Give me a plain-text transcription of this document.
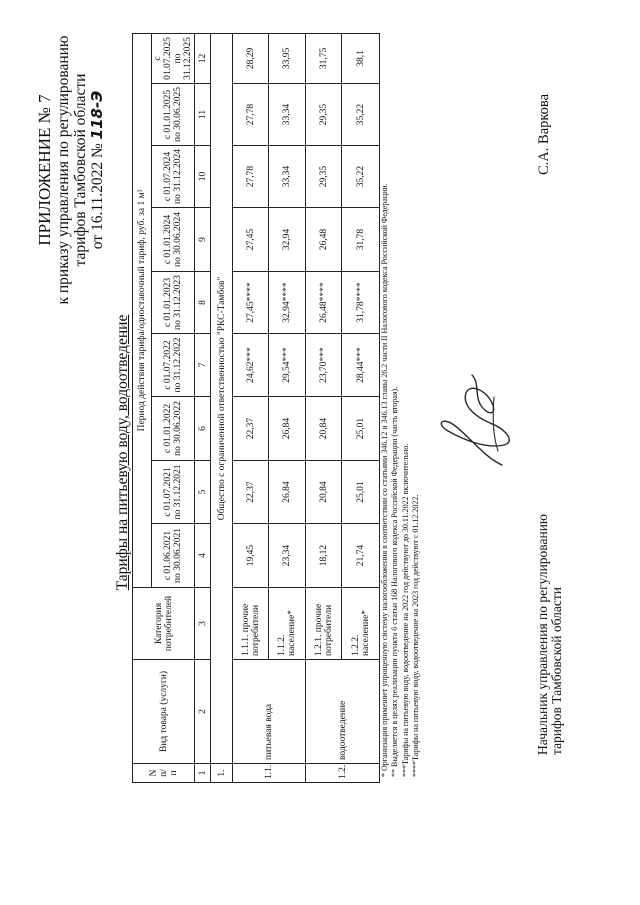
ПРИЛОЖЕНИЕ № 7 к приказу управления по регулированию тарифов Тамбовской области от 16.11.2022 № 118-Э
Тарифы на питьевую воду, водоотведение
N п/п	Вид товара (услуги)	Категория потребителей	Период действия тарифа/одноставочный тариф, руб. за 1 м³								
			с 01.06.2021 по 30.06.2021	с 01.07.2021 по 31.12.2021	с 01.01.2022 по 30.06.2022	с 01.07.2022 по 31.12.2022	с 01.01.2023 по 31.12.2023	с 01.01.2024 по 30.06.2024	с 01.07.2024 по 31.12.2024	с 01.01.2025 по 30.06.2025	с 01.07.2025 по 31.12.2025
1	2	3	4	5	6	7	8	9	10	11	12
1.	Общество с ограниченной ответственностью "РКС-Тамбов"										
1.1.	питьевая вода	1.1.1. прочие потребители	19,45	22,37	22,37	24,62***	27,45****	27,45	27,78	27,78	28,29
		1.1.2. население*	23,34	26,84	26,84	29,54***	32,94****	32,94	33,34	33,34	33,95
1.2.	водоотведение	1.2.1. прочие потребители	18,12	20,84	20,84	23,70***	26,48****	26,48	29,35	29,35	31,75
		1.2.2. население*	21,74	25,01	25,01	28,44***	31,78****	31,78	35,22	35,22	38,1
* Организация применяет упрощенную систему налогообложения в соответствии со статьями 346.12 и 346.13 главы 26.2 части II Налогового кодекса Российской Федерации. ** Выделяется в целях реализации пункта 6 статьи 168 Налогового кодекса Российской Федерации (часть вторая). ***Тарифы на питьевую воду, водоотведение на 2022 год действуют до 30.11.2022 включительно. ****Тарифы на питьевую воду, водоотведение на 2023 год действуют с 01.12.2022.	Начальник управления по регулированию тарифов Тамбовской области
С.А. Варкова
